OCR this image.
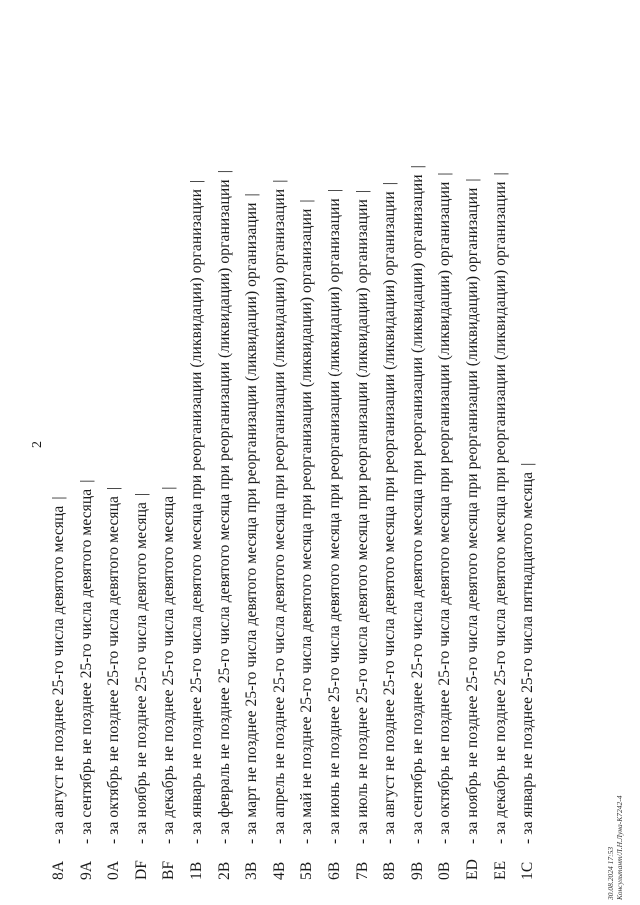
2
8A- за август не позднее 25-го числа девятого месяца|
9A- за сентябрь не позднее 25-го числа девятого месяца|
0A- за октябрь не позднее 25-го числа девятого месяца|
DF- за ноябрь не позднее 25-го числа девятого месяца|
BF- за декабрь не позднее 25-го числа девятого месяца|
1B- за январь не позднее 25-го числа девятого месяца при реорганизации (ликвидации) организации|
2B- за февраль не позднее 25-го числа девятого месяца при реорганизации (ликвидации) организации|
3B- за март не позднее 25-го числа девятого месяца при реорганизации (ликвидации) организации|
4B- за апрель не позднее 25-го числа девятого месяца при реорганизации (ликвидации) организации|
5B- за май не позднее 25-го числа девятого месяца при реорганизации (ликвидации) организации|
6B- за июнь не позднее 25-го числа девятого месяца при реорганизации (ликвидации) организации|
7B- за июль не позднее 25-го числа девятого месяца при реорганизации (ликвидации) организации|
8B- за август не позднее 25-го числа девятого месяца при реорганизации (ликвидации) организации|
9B- за сентябрь не позднее 25-го числа девятого месяца при реорганизации (ликвидации) организации|
0B- за октябрь не позднее 25-го числа девятого месяца при реорганизации (ликвидации) организации|
ED- за ноябрь не позднее 25-го числа девятого месяца при реорганизации (ликвидации) организации|
EE- за декабрь не позднее 25-го числа девятого месяца при реорганизации (ликвидации) организации|
1C- за январь не позднее 25-го числа пятнадцатого месяца|
30.08.2024 17:53 Консультант/Л.Н.Луна-К7242-4
